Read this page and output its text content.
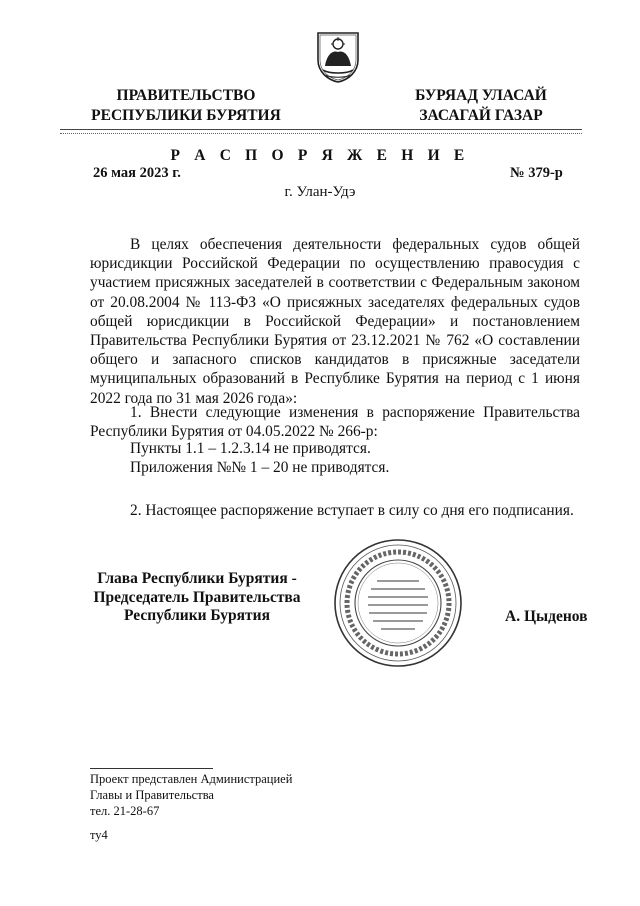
ПРАВИТЕЛЬСТВО
РЕСПУБЛИКИ БУРЯТИЯ
БУРЯАД УЛАСАЙ
ЗАСАГАЙ ГАЗАР
Р А С П О Р Я Ж Е Н И Е
26 мая 2023 г.	№ 379-р
г. Улан-Удэ
В целях обеспечения деятельности федеральных судов общей юрисдикции Российской Федерации по осуществлению правосудия с участием присяжных заседателей в соответствии с Федеральным законом от 20.08.2004 № 113-ФЗ «О присяжных заседателях федеральных судов общей юрисдикции в Российской Федерации» и постановлением Правительства Республики Бурятия от 23.12.2021 № 762 «О составлении общего и запасного списков кандидатов в присяжные заседатели муниципальных образований в Республике Бурятия на период с 1 июня 2022 года по 31 мая 2026 года»:
1. Внести следующие изменения в распоряжение Правительства Республики Бурятия от 04.05.2022 № 266-р:
Пункты 1.1 – 1.2.3.14 не приводятся.
Приложения №№ 1 – 20 не приводятся.
2. Настоящее распоряжение вступает в силу со дня его подписания.
Глава Республики Бурятия -
Председатель Правительства
Республики Бурятия	А. Цыденов
Проект представлен Администрацией
Главы и Правительства
тел. 21-28-67
ту4
